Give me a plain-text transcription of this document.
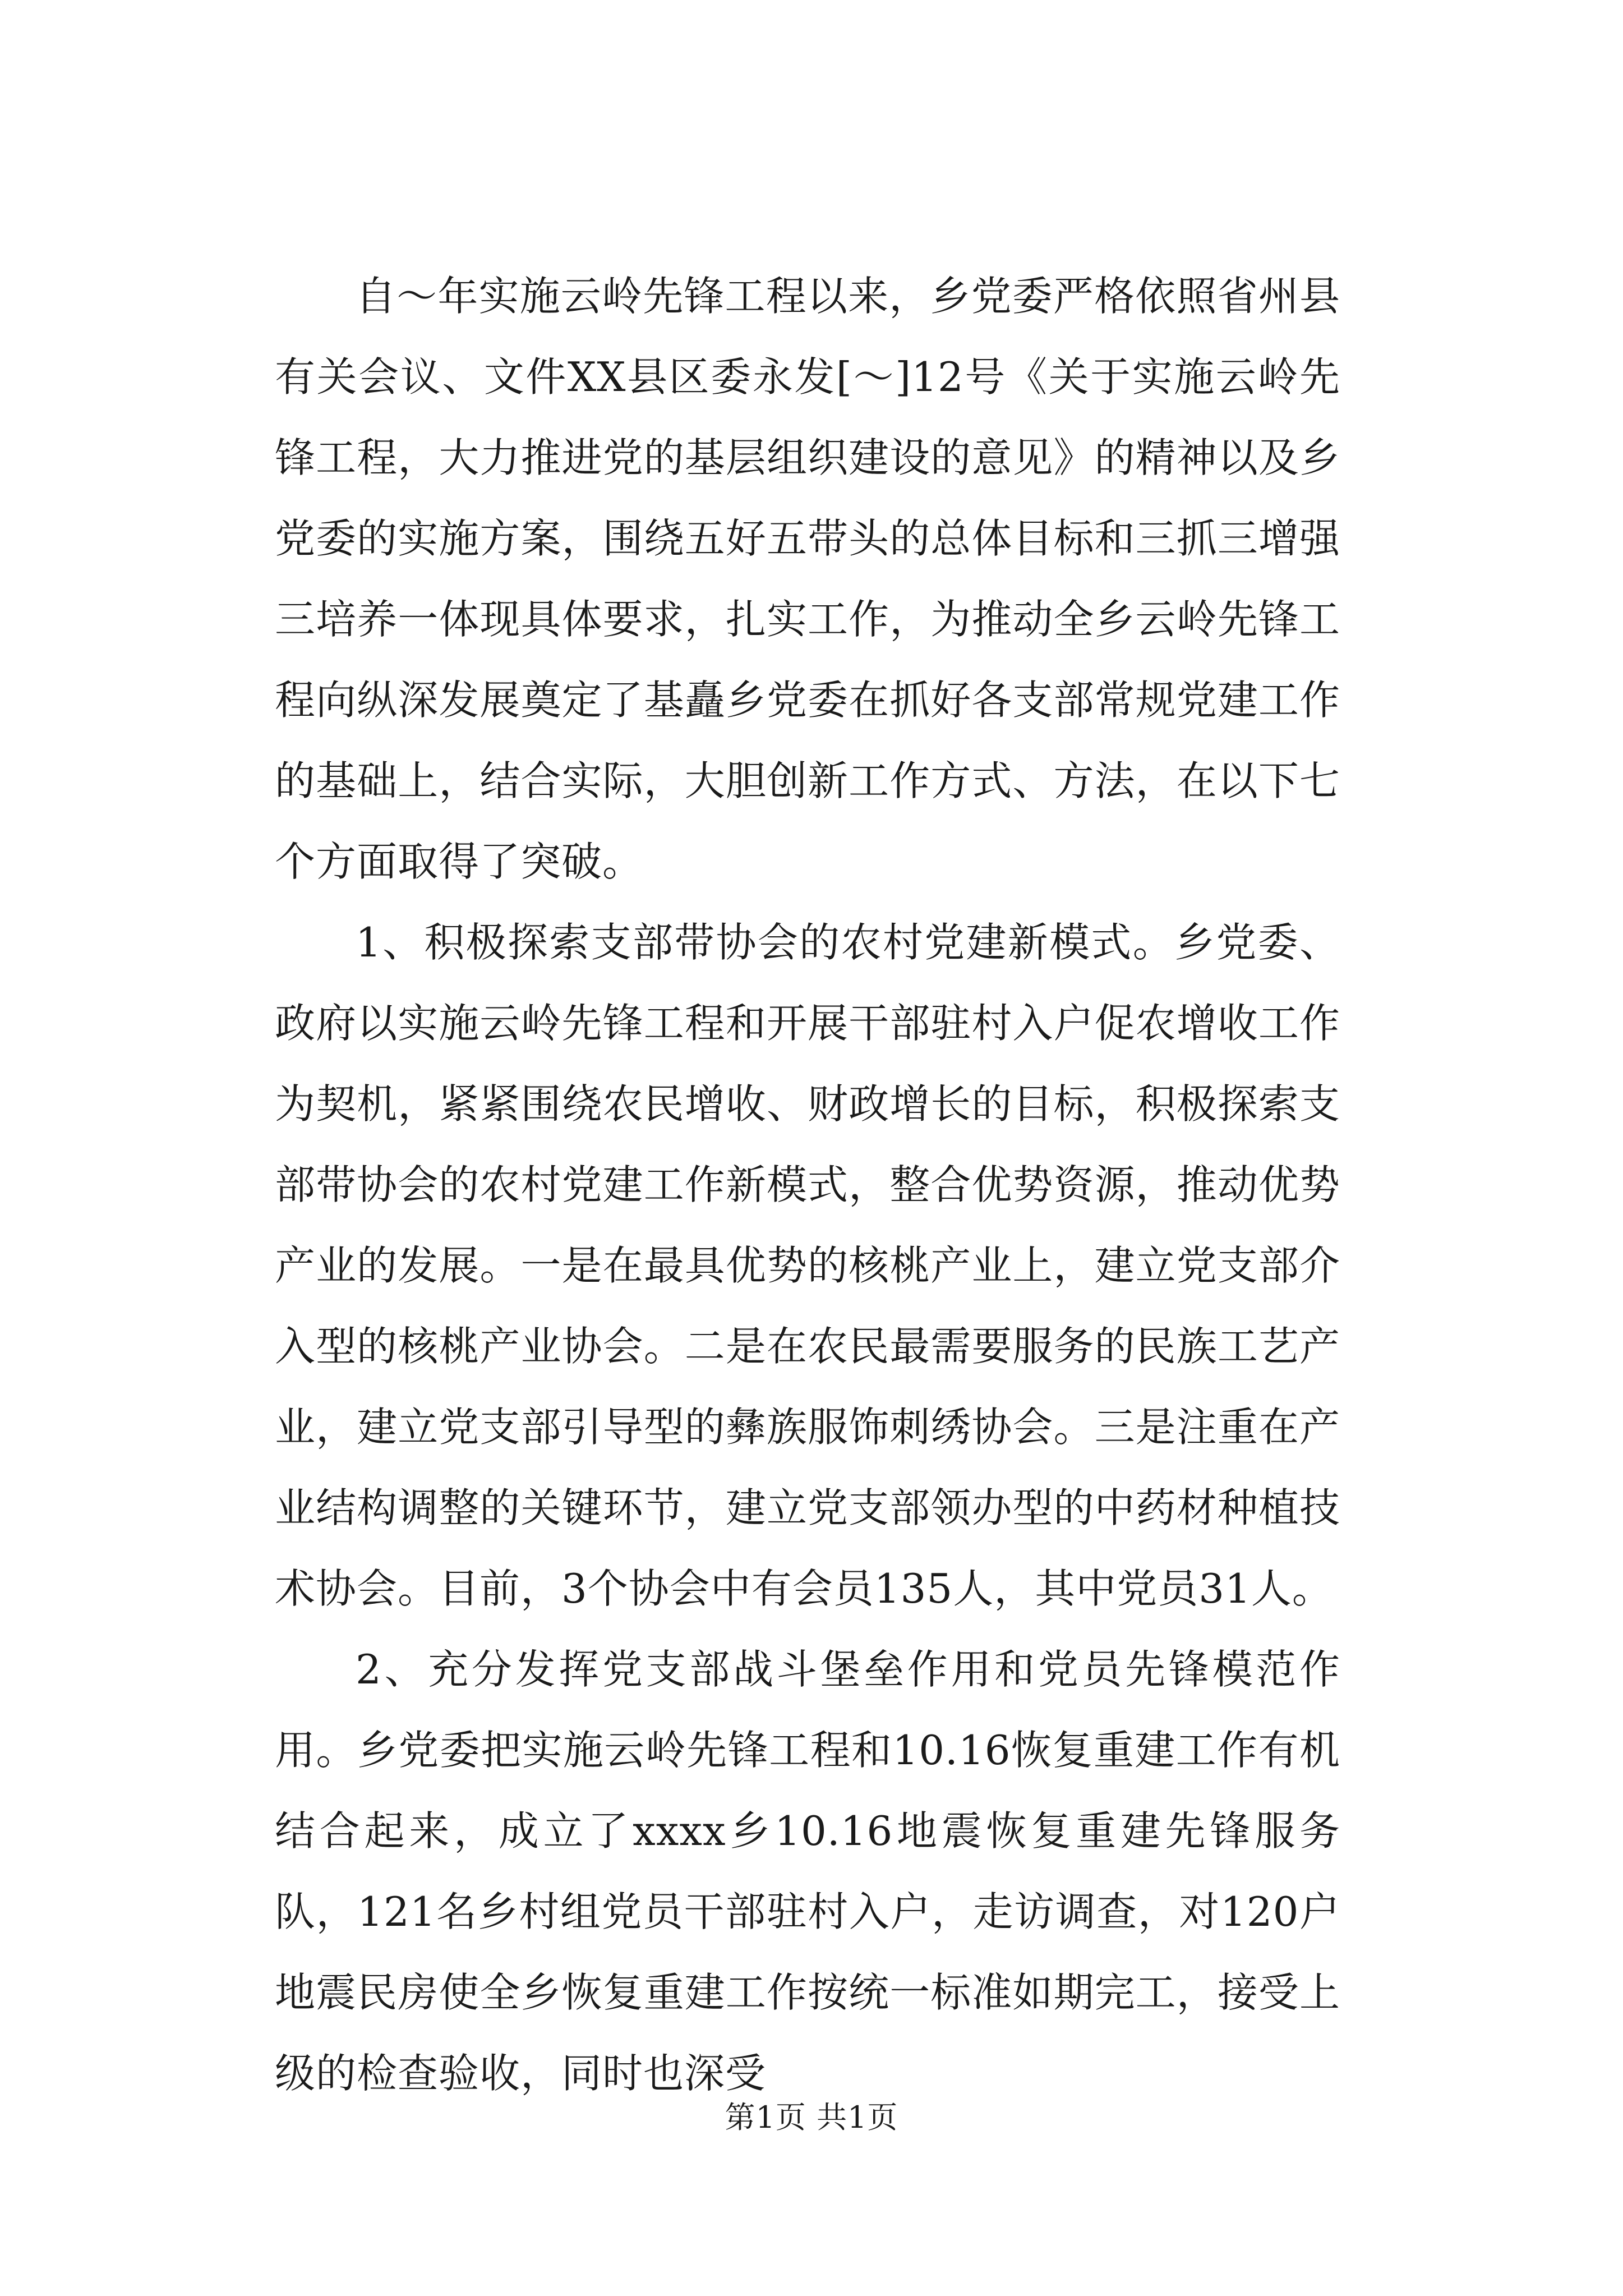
自～年实施云岭先锋工程以来，乡党委严格依照省州县有关会议、文件XX县区委永发[～]12号《关于实施云岭先锋工程，大力推进党的基层组织建设的意见》的精神以及乡党委的实施方案，围绕五好五带头的总体目标和三抓三增强三培养一体现具体要求，扎实工作，为推动全乡云岭先锋工程向纵深发展奠定了基矗乡党委在抓好各支部常规党建工作的基础上，结合实际，大胆创新工作方式、方法，在以下七个方面取得了突破。

1、积极探索支部带协会的农村党建新模式。乡党委、政府以实施云岭先锋工程和开展干部驻村入户促农增收工作为契机，紧紧围绕农民增收、财政增长的目标，积极探索支部带协会的农村党建工作新模式，整合优势资源，推动优势产业的发展。一是在最具优势的核桃产业上，建立党支部介入型的核桃产业协会。二是在农民最需要服务的民族工艺产业，建立党支部引导型的彝族服饰刺绣协会。三是注重在产业结构调整的关键环节，建立党支部领办型的中药材种植技术协会。目前，3个协会中有会员135人，其中党员31人。

2、充分发挥党支部战斗堡垒作用和党员先锋模范作用。乡党委把实施云岭先锋工程和10.16恢复重建工作有机结合起来，成立了xxxx乡10.16地震恢复重建先锋服务队，121名乡村组党员干部驻村入户，走访调查，对120户地震民房使全乡恢复重建工作按统一标准如期完工，接受上级的检查验收，同时也深受

第1页 共1页
